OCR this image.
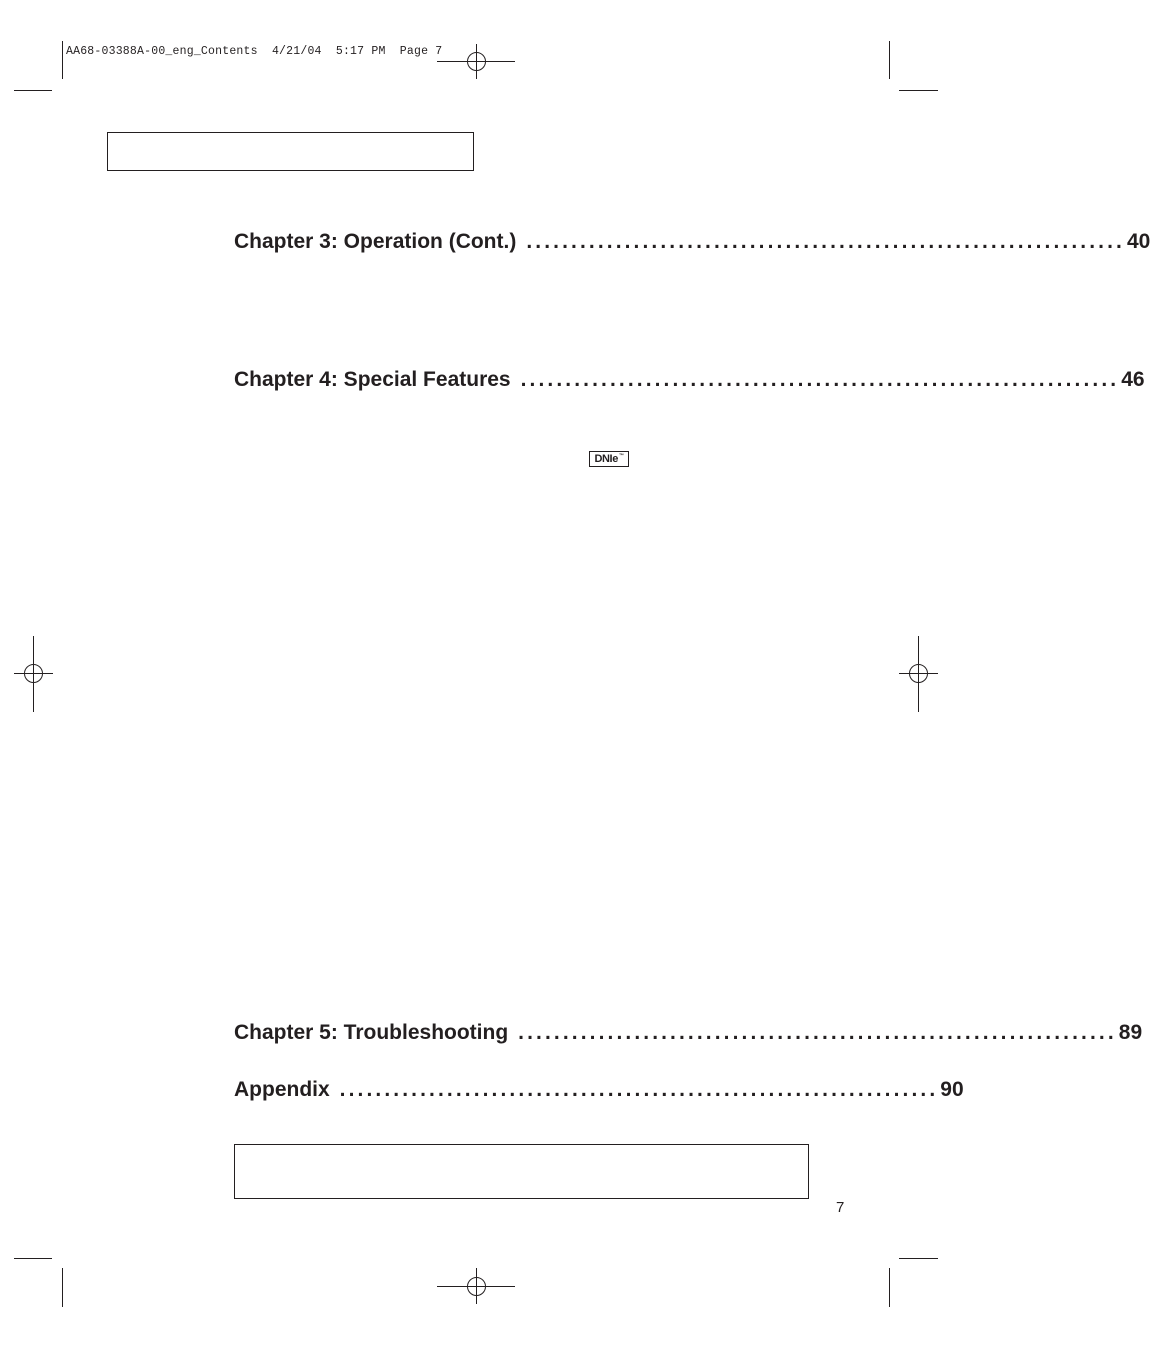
AA68-03388A-00_eng_Contents 4/21/04 5:17 PM Page 7
Chapter 3: Operation (Cont.) ................................................................... 40
Chapter 4: Special Features ................................................................... 46
DNIe™
Chapter 5: Troubleshooting ................................................................... 89
Appendix ................................................................... 90
7
